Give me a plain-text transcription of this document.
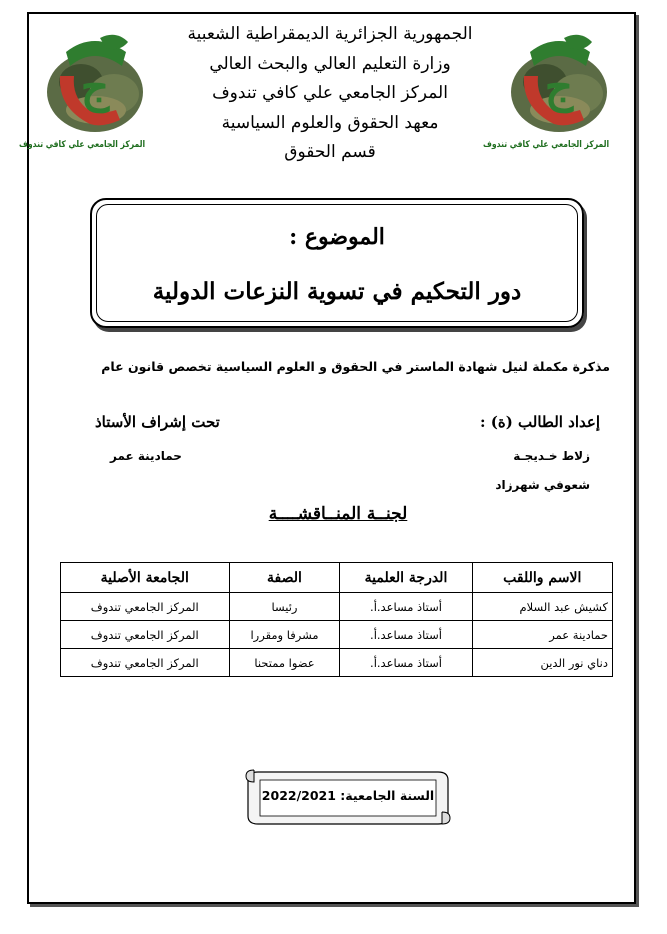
ج
المركز الجامعي علي كافي تندوف
ج
المركز الجامعي علي كافي تندوف
الجمهورية الجزائرية الديمقراطية الشعبية
وزارة التعليم العالي والبحث العالي
المركز الجامعي علي كافي تندوف
معهد الحقوق والعلوم السياسية
قسم الحقوق
الموضوع :
دور التحكيم في تسوية النزعات الدولية
مذكرة مكملة لنيل شهادة الماستر في الحقوق و العلوم السياسية تخصص قانون عام
إعداد الطالب (ة) :
زلاط خـديجـة
شعوفي شهرزاد
تحت إشراف الأستاذ
حمادينة عمر
لجنــة المنــاقشــــة
الاسم واللقب	الدرجة العلمية	الصفة	الجامعة الأصلية
كشيش عبد السلام	أستاذ مساعد.أ.	رئيسا	المركز الجامعي تندوف
حمادينة عمر	أستاذ مساعد.أ.	مشرفا ومقررا	المركز الجامعي تندوف
دناي نور الدين	أستاذ مساعد.أ.	عضوا ممتحنا	المركز الجامعي تندوف
السنة الجامعية: 2022/2021
